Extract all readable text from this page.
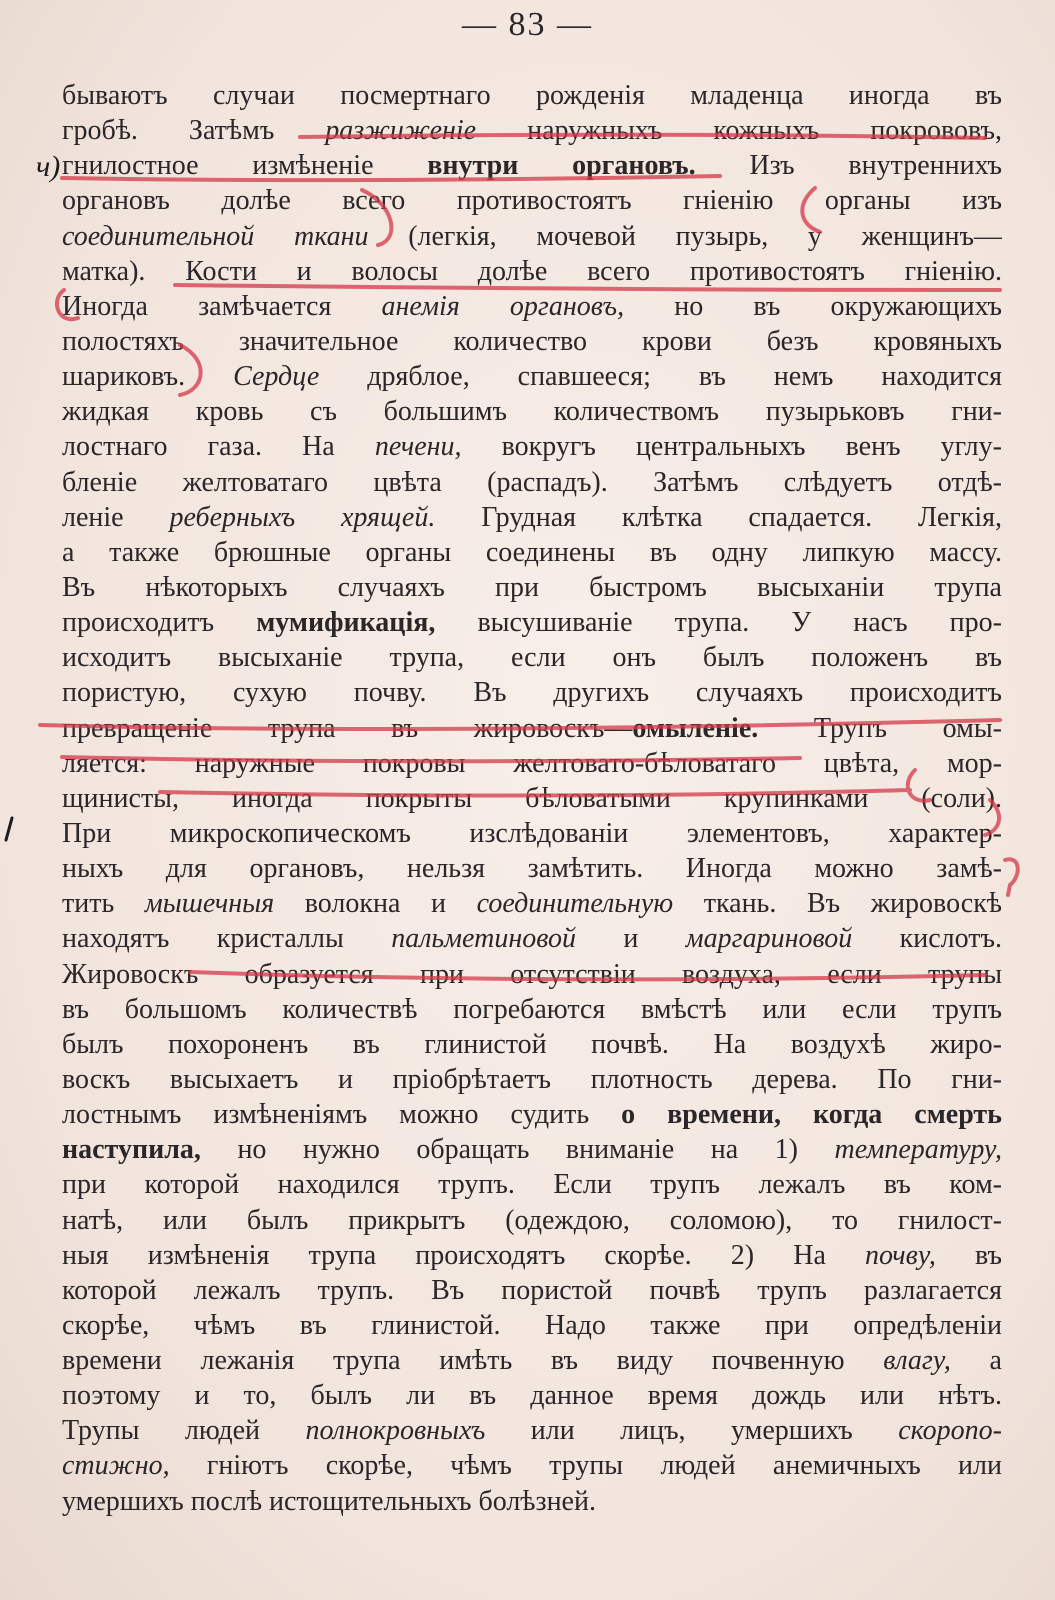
— 83 —
ч)
бываютъ случаи посмертнаго рожденія младенца иногда въ
гробѣ. Затѣмъ разжиженіе наружныхъ кожныхъ покрововъ,
гнилостное измѣненіе внутри органовъ. Изъ внутреннихъ
органовъ долѣе всего противостоятъ гніенію органы изъ
соединительной ткани (легкія, мочевой пузырь, у женщинъ—
матка). Кости и волосы долѣе всего противостоятъ гніенію.
Иногда замѣчается анемія органовъ, но въ окружающихъ
полостяхъ значительное количество крови безъ кровяныхъ
шариковъ. Сердце дряблое, спавшееся; въ немъ находится
жидкая кровь съ большимъ количествомъ пузырьковъ гни-
лостнаго газа. На печени, вокругъ центральныхъ венъ углу-
бленіе желтоватаго цвѣта (распадъ). Затѣмъ слѣдуетъ отдѣ-
леніе реберныхъ хрящей. Грудная клѣтка спадается. Легкія,
а также брюшные органы соединены въ одну липкую массу.
Въ нѣкоторыхъ случаяхъ при быстромъ высыханіи трупа
происходитъ мумификація, высушиваніе трупа. У насъ про-
исходитъ высыханіе трупа, если онъ былъ положенъ въ
пористую, сухую почву. Въ другихъ случаяхъ происходитъ
превращеніе трупа въ жировоскъ—омыленіе. Трупъ омы-
ляется: наружные покровы желтовато-бѣловатаго цвѣта, мор-
щинисты, иногда покрыты бѣловатыми крупинками (соли).
При микроскопическомъ изслѣдованіи элементовъ, характер-
ныхъ для органовъ, нельзя замѣтить. Иногда можно замѣ-
тить мышечныя волокна и соединительную ткань. Въ жировоскѣ
находятъ кристаллы пальметиновой и маргариновой кислотъ.
Жировоскъ образуется при отсутствіи воздуха, если трупы
въ большомъ количествѣ погребаются вмѣстѣ или если трупъ
былъ похороненъ въ глинистой почвѣ. На воздухѣ жиро-
воскъ высыхаетъ и пріобрѣтаетъ плотность дерева. По гни-
лостнымъ измѣненіямъ можно судить о времени, когда смерть
наступила, но нужно обращать вниманіе на 1) температуру,
при которой находился трупъ. Если трупъ лежалъ въ ком-
натѣ, или былъ прикрытъ (одеждою, соломою), то гнилост-
ныя измѣненія трупа происходятъ скорѣе. 2) На почву, въ
которой лежалъ трупъ. Въ пористой почвѣ трупъ разлагается
скорѣе, чѣмъ въ глинистой. Надо также при опредѣленіи
времени лежанія трупа имѣть въ виду почвенную влагу, а
поэтому и то, былъ ли въ данное время дождь или нѣтъ.
Трупы людей полнокровныхъ или лицъ, умершихъ скоропо-
стижно, гніютъ скорѣе, чѣмъ трупы людей анемичныхъ или
умершихъ послѣ истощительныхъ болѣзней.
